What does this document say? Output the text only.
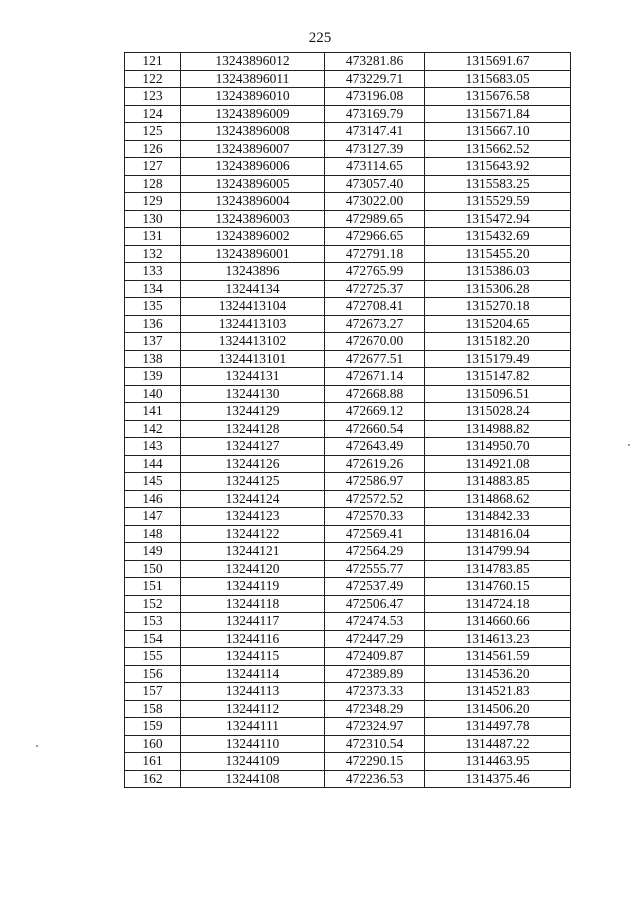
225
121	13243896012	473281.86	1315691.67
122	13243896011	473229.71	1315683.05
123	13243896010	473196.08	1315676.58
124	13243896009	473169.79	1315671.84
125	13243896008	473147.41	1315667.10
126	13243896007	473127.39	1315662.52
127	13243896006	473114.65	1315643.92
128	13243896005	473057.40	1315583.25
129	13243896004	473022.00	1315529.59
130	13243896003	472989.65	1315472.94
131	13243896002	472966.65	1315432.69
132	13243896001	472791.18	1315455.20
133	13243896	472765.99	1315386.03
134	13244134	472725.37	1315306.28
135	1324413104	472708.41	1315270.18
136	1324413103	472673.27	1315204.65
137	1324413102	472670.00	1315182.20
138	1324413101	472677.51	1315179.49
139	13244131	472671.14	1315147.82
140	13244130	472668.88	1315096.51
141	13244129	472669.12	1315028.24
142	13244128	472660.54	1314988.82
143	13244127	472643.49	1314950.70
144	13244126	472619.26	1314921.08
145	13244125	472586.97	1314883.85
146	13244124	472572.52	1314868.62
147	13244123	472570.33	1314842.33
148	13244122	472569.41	1314816.04
149	13244121	472564.29	1314799.94
150	13244120	472555.77	1314783.85
151	13244119	472537.49	1314760.15
152	13244118	472506.47	1314724.18
153	13244117	472474.53	1314660.66
154	13244116	472447.29	1314613.23
155	13244115	472409.87	1314561.59
156	13244114	472389.89	1314536.20
157	13244113	472373.33	1314521.83
158	13244112	472348.29	1314506.20
159	13244111	472324.97	1314497.78
160	13244110	472310.54	1314487.22
161	13244109	472290.15	1314463.95
162	13244108	472236.53	1314375.46
